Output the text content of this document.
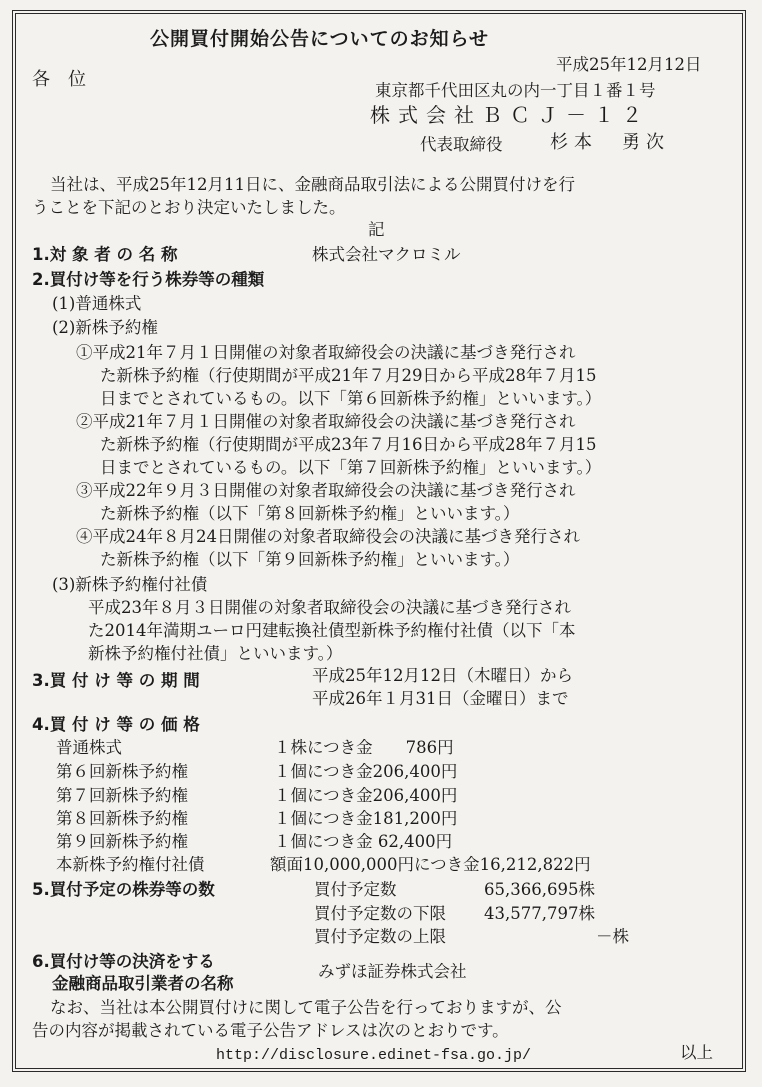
公開買付開始公告についてのお知らせ
各　位
平成25年12月12日
東京都千代田区丸の内一丁目１番１号
株式会社ＢＣＪ－１２
代表取締役	杉本　勇次
当社は、平成25年12月11日に、金融商品取引法による公開買付けを行
うことを下記のとおり決定いたしました。
記
1.対 象 者 の 名 称	株式会社マクロミル
2.買付け等を行う株券等の種類
(1)普通株式
(2)新株予約権
①平成21年７月１日開催の対象者取締役会の決議に基づき発行され
た新株予約権（行使期間が平成21年７月29日から平成28年７月15
日までとされているもの。以下「第６回新株予約権」といいます。）
②平成21年７月１日開催の対象者取締役会の決議に基づき発行され
た新株予約権（行使期間が平成23年７月16日から平成28年７月15
日までとされているもの。以下「第７回新株予約権」といいます。）
③平成22年９月３日開催の対象者取締役会の決議に基づき発行され
た新株予約権（以下「第８回新株予約権」といいます。）
④平成24年８月24日開催の対象者取締役会の決議に基づき発行され
た新株予約権（以下「第９回新株予約権」といいます。）
(3)新株予約権付社債
平成23年８月３日開催の対象者取締役会の決議に基づき発行され
た2014年満期ユーロ円建転換社債型新株予約権付社債（以下「本
新株予約権付社債」といいます。）
3.買 付 け 等 の 期 間	平成25年12月12日（木曜日）から
平成26年１月31日（金曜日）まで
4.買 付 け 等 の 価 格
普通株式	１株につき金　　786円
第６回新株予約権	１個につき金206,400円
第７回新株予約権	１個につき金206,400円
第８回新株予約権	１個につき金181,200円
第９回新株予約権	１個につき金 62,400円
本新株予約権付社債	額面10,000,000円につき金16,212,822円
5.買付予定の株券等の数	買付予定数	65,366,695株
買付予定数の下限 43,577,797株
買付予定数の上限	－株
6.買付け等の決済をする
金融商品取引業者の名称
みずほ証券株式会社
なお、当社は本公開買付けに関して電子公告を行っておりますが、公
告の内容が掲載されている電子公告アドレスは次のとおりです。
http://disclosure.edinet-fsa.go.jp/	以上
